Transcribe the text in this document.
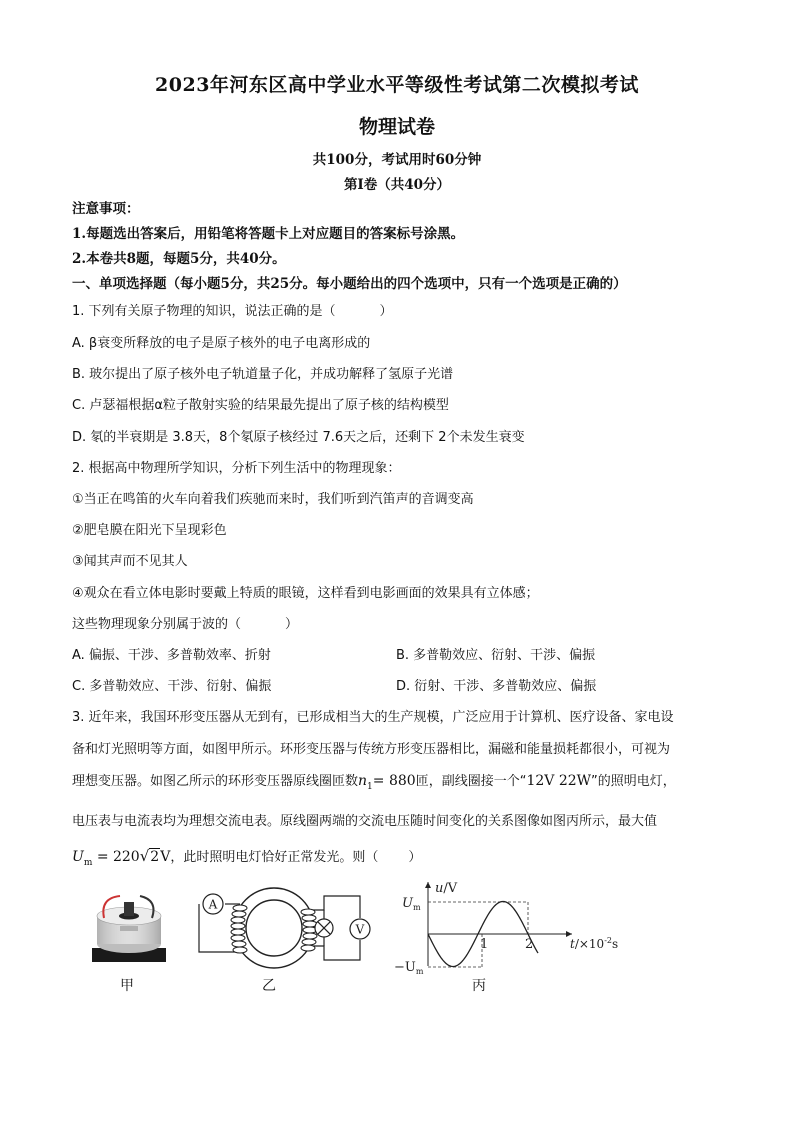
2023年河东区高中学业水平等级性考试第二次模拟考试
物理试卷
共100分，考试用时60分钟
第Ⅰ卷（共40分）
注意事项：
1.每题选出答案后，用铅笔将答题卡上对应题目的答案标号涂黑。
2.本卷共8题，每题5分，共40分。
一、单项选择题（每小题5分，共25分。每小题给出的四个选项中，只有一个选项是正确的）
1. 下列有关原子物理的知识，说法正确的是（	）
A. β衰变所释放的电子是原子核外的电子电离形成的
B. 玻尔提出了原子核外电子轨道量子化，并成功解释了氢原子光谱
C. 卢瑟福根据α粒子散射实验的结果最先提出了原子核的结构模型
D. 氡的半衰期是 3.8天，8个氡原子核经过 7.6天之后，还剩下 2个未发生衰变
2. 根据高中物理所学知识，分析下列生活中的物理现象：
①当正在鸣笛的火车向着我们疾驰而来时，我们听到汽笛声的音调变高
②肥皂膜在阳光下呈现彩色
③闻其声而不见其人
④观众在看立体电影时要戴上特质的眼镜，这样看到电影画面的效果具有立体感；
这些物理现象分别属于波的（	）
A. 偏振、干涉、多普勒效率、折射	B. 多普勒效应、衍射、干涉、偏振
C. 多普勒效应、干涉、衍射、偏振	D. 衍射、干涉、多普勒效应、偏振
3. 近年来，我国环形变压器从无到有，已形成相当大的生产规模，广泛应用于计算机、医疗设备、家电设
备和灯光照明等方面，如图甲所示。环形变压器与传统方形变压器相比，漏磁和能量损耗都很小，可视为
理想变压器。如图乙所示的环形变压器原线圈匝数$n_1= 880$匝，副线圈接一个“12V 22W”的照明电灯，
电压表与电流表均为理想交流电表。原线圈两端的交流电压随时间变化的关系图像如图丙所示，最大值
$U_m = 220√2V$，此时照明电灯恰好正常发光。则（ ）
甲
A
V
乙
u/V
$U_m$
$-U_m$
1	2	$t/\times 10^{-2}s$
丙
